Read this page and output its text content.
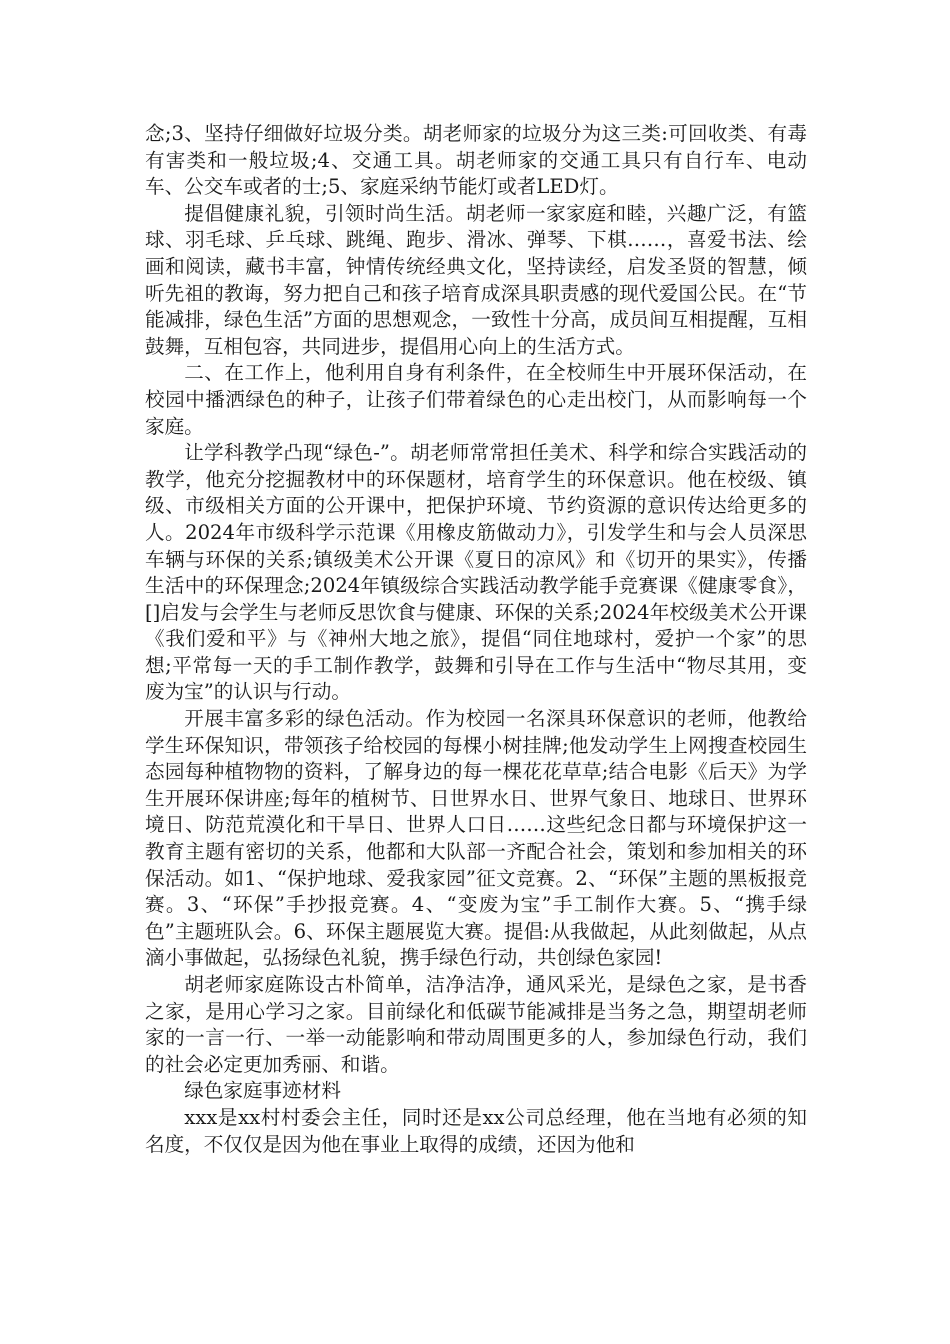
念;3、坚持仔细做好垃圾分类。胡老师家的垃圾分为这三类:可回收类、有毒有害类和一般垃圾;4、交通工具。胡老师家的交通工具只有自行车、电动车、公交车或者的士;5、家庭采纳节能灯或者LED灯。

提倡健康礼貌，引领时尚生活。胡老师一家家庭和睦，兴趣广泛，有篮球、羽毛球、乒乓球、跳绳、跑步、滑冰、弹琴、下棋……，喜爱书法、绘画和阅读，藏书丰富，钟情传统经典文化，坚持读经，启发圣贤的智慧，倾听先祖的教诲，努力把自己和孩子培育成深具职责感的现代爱国公民。在“节能减排，绿色生活”方面的思想观念，一致性十分高，成员间互相提醒，互相鼓舞，互相包容，共同进步，提倡用心向上的生活方式。

二、在工作上，他利用自身有利条件，在全校师生中开展环保活动，在校园中播洒绿色的种子，让孩子们带着绿色的心走出校门，从而影响每一个家庭。

让学科教学凸现“绿色-”。胡老师常常担任美术、科学和综合实践活动的教学，他充分挖掘教材中的环保题材，培育学生的环保意识。他在校级、镇级、市级相关方面的公开课中，把保护环境、节约资源的意识传达给更多的人。2024年市级科学示范课《用橡皮筋做动力》，引发学生和与会人员深思车辆与环保的关系;镇级美术公开课《夏日的凉风》和《切开的果实》，传播生活中的环保理念;2024年镇级综合实践活动教学能手竞赛课《健康零食》，[]启发与会学生与老师反思饮食与健康、环保的关系;2024年校级美术公开课《我们爱和平》与《神州大地之旅》，提倡“同住地球村，爱护一个家”的思想;平常每一天的手工制作教学，鼓舞和引导在工作与生活中“物尽其用，变废为宝”的认识与行动。

开展丰富多彩的绿色活动。作为校园一名深具环保意识的老师，他教给学生环保知识，带领孩子给校园的每棵小树挂牌;他发动学生上网搜查校园生态园每种植物物的资料，了解身边的每一棵花花草草;结合电影《后天》为学生开展环保讲座;每年的植树节、日世界水日、世界气象日、地球日、世界环境日、防范荒漠化和干旱日、世界人口日……这些纪念日都与环境保护这一教育主题有密切的关系，他都和大队部一齐配合社会，策划和参加相关的环保活动。如1、“保护地球、爱我家园”征文竞赛。2、“环保”主题的黑板报竞赛。3、“环保”手抄报竞赛。4、“变废为宝”手工制作大赛。5、“携手绿色”主题班队会。6、环保主题展览大赛。提倡:从我做起，从此刻做起，从点滴小事做起，弘扬绿色礼貌，携手绿色行动，共创绿色家园!

胡老师家庭陈设古朴简单，洁净洁净，通风采光，是绿色之家，是书香之家，是用心学习之家。目前绿化和低碳节能减排是当务之急，期望胡老师家的一言一行、一举一动能影响和带动周围更多的人，参加绿色行动，我们的社会必定更加秀丽、和谐。

绿色家庭事迹材料

xxx是xx村村委会主任，同时还是xx公司总经理，他在当地有必须的知名度，不仅仅是因为他在事业上取得的成绩，还因为他和
